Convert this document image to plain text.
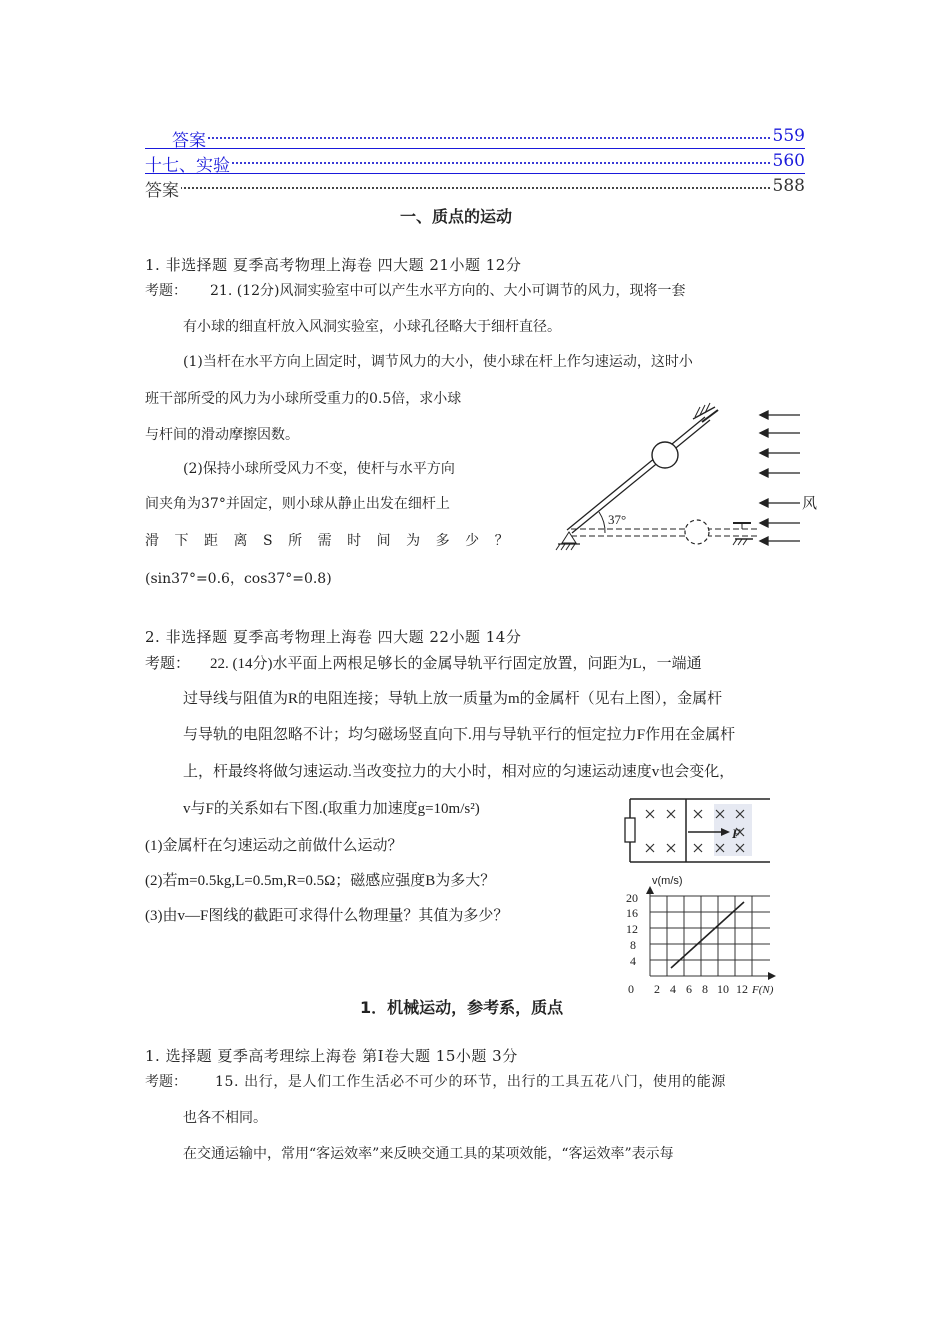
答案	559
十七、实验	560
答案	588
一、质点的运动
1. 非选择题 夏季高考物理上海卷 四大题 21小题 12分
考题： 21. (12分)风洞实验室中可以产生水平方向的、大小可调节的风力，现将一套
有小球的细直杆放入风洞实验室，小球孔径略大于细杆直径。
(1)当杆在水平方向上固定时，调节风力的大小，使小球在杆上作匀速运动，这时小
班干部所受的风力为小球所受重力的0.5倍，求小球
与杆间的滑动摩擦因数。
(2)保持小球所受风力不变，使杆与水平方向
间夹角为37°并固定，则小球从静止出发在细杆上
滑下距离S所需时间为多少？
(sin37°=0.6，cos37°=0.8)
37°
风
2. 非选择题 夏季高考物理上海卷 四大题 22小题 14分
考题： 22. (14分)水平面上两根足够长的金属导轨平行固定放置，问距为L，一端通
过导线与阻值为R的电阻连接；导轨上放一质量为m的金属杆（见右上图），金属杆
与导轨的电阻忽略不计；均匀磁场竖直向下.用与导轨平行的恒定拉力F作用在金属杆
上，杆最终将做匀速运动.当改变拉力的大小时，相对应的匀速运动速度v也会变化，
v与F的关系如右下图.(取重力加速度g=10m/s²)
(1)金属杆在匀速运动之前做什么运动？
(2)若m=0.5kg,L=0.5m,R=0.5Ω；磁感应强度B为多大？
(3)由v—F图线的截距可求得什么物理量？其值为多少？
F
v(m/s)
20
16
12
8
4
0 2 4 6 8 10 12 F(N)
1．机械运动，参考系，质点
1. 选择题 夏季高考理综上海卷 第I卷大题 15小题 3分
考题： 15. 出行，是人们工作生活必不可少的环节，出行的工具五花八门，使用的能源
也各不相同。
在交通运输中，常用“客运效率”来反映交通工具的某项效能，“客运效率”表示每
